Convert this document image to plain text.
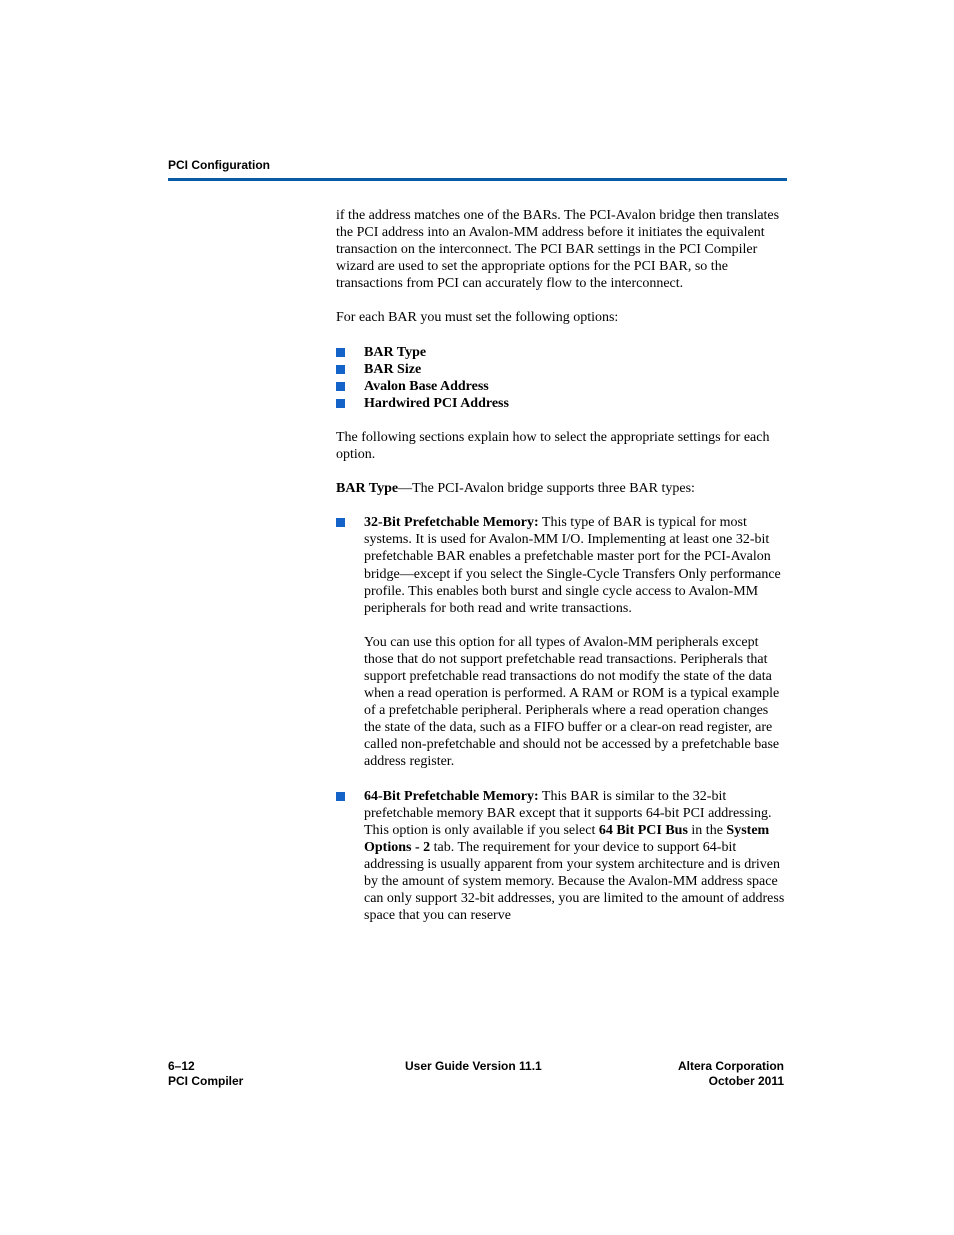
PCI Configuration

if the address matches one of the BARs. The PCI-Avalon bridge then translates the PCI address into an Avalon-MM address before it initiates the equivalent transaction on the interconnect. The PCI BAR settings in the PCI Compiler wizard are used to set the appropriate options for the PCI BAR, so the transactions from PCI can accurately flow to the interconnect.

For each BAR you must set the following options:

BAR Type
BAR Size
Avalon Base Address
Hardwired PCI Address

The following sections explain how to select the appropriate settings for each option.

BAR Type—The PCI-Avalon bridge supports three BAR types:

32-Bit Prefetchable Memory: This type of BAR is typical for most systems. It is used for Avalon-MM I/O. Implementing at least one 32-bit prefetchable BAR enables a prefetchable master port for the PCI-Avalon bridge—except if you select the Single-Cycle Transfers Only performance profile. This enables both burst and single cycle access to Avalon-MM peripherals for both read and write transactions.
You can use this option for all types of Avalon-MM peripherals except those that do not support prefetchable read transactions. Peripherals that support prefetchable read transactions do not modify the state of the data when a read operation is performed. A RAM or ROM is a typical example of a prefetchable peripheral. Peripherals where a read operation changes the state of the data, such as a FIFO buffer or a clear-on read register, are called non-prefetchable and should not be accessed by a prefetchable base address register.
64-Bit Prefetchable Memory: This BAR is similar to the 32-bit prefetchable memory BAR except that it supports 64-bit PCI addressing. This option is only available if you select 64 Bit PCI Bus in the System Options - 2 tab. The requirement for your device to support 64-bit addressing is usually apparent from your system architecture and is driven by the amount of system memory. Because the Avalon-MM address space can only support 32-bit addresses, you are limited to the amount of address space that you can reserve
6–12
PCI Compiler
User Guide Version 11.1	Altera Corporation
October 2011
